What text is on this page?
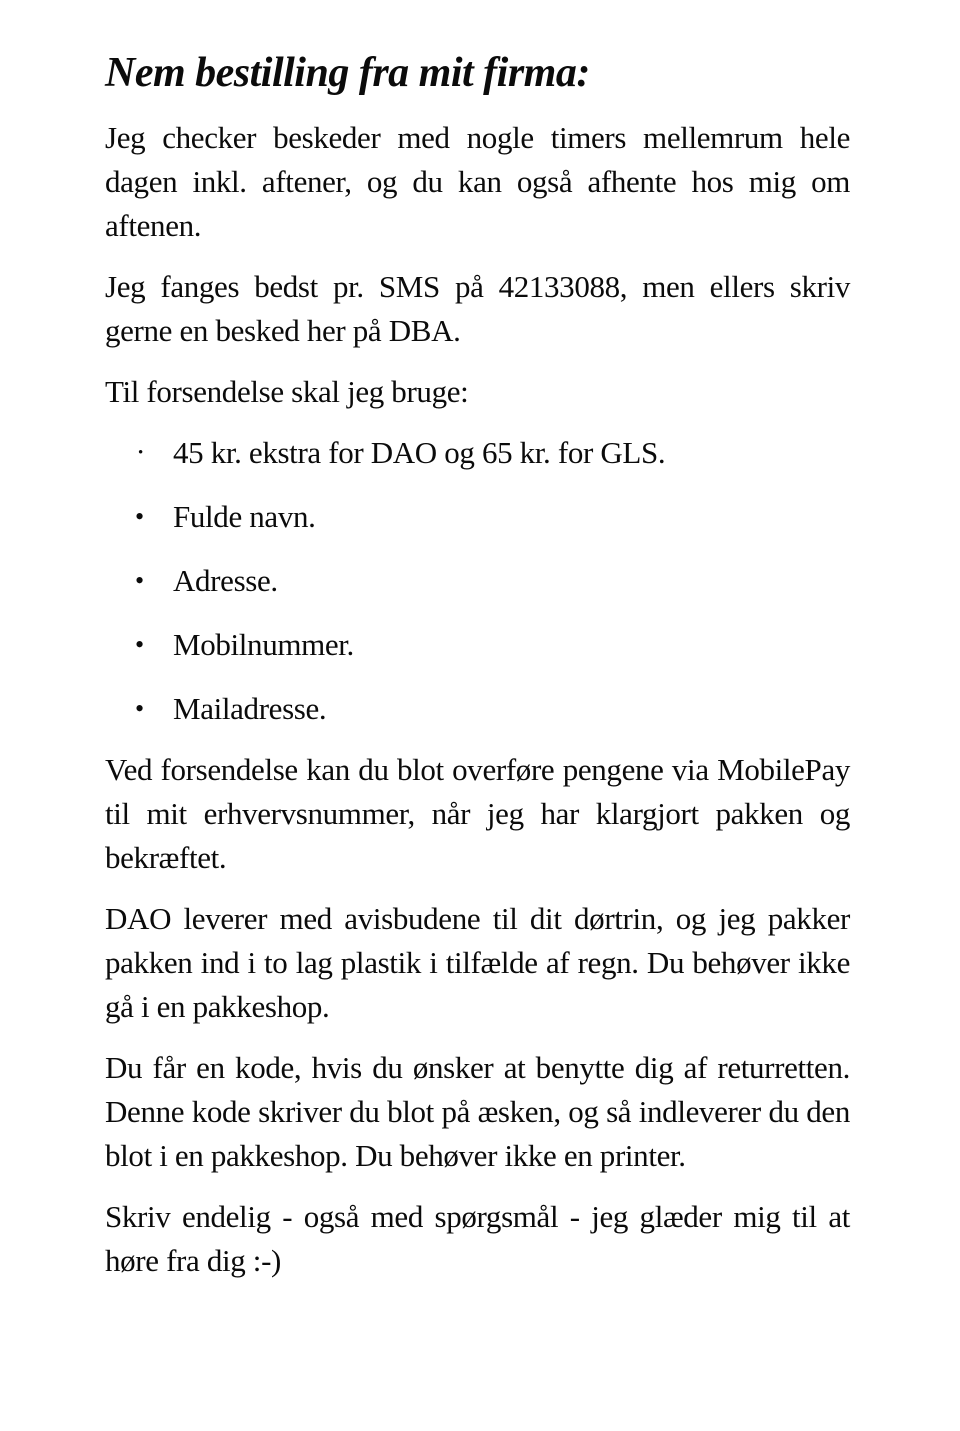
Nem bestilling fra mit firma:

Jeg checker beskeder med nogle timers mellemrum hele dagen inkl. aftener, og du kan også afhente hos mig om aftenen.

Jeg fanges bedst pr. SMS på 42133088, men ellers skriv gerne en besked her på DBA.

Til forsendelse skal jeg bruge:

• 45 kr. ekstra for DAO og 65 kr. for GLS.
• Fulde navn.
• Adresse.
• Mobilnummer.
• Mailadresse.

Ved forsendelse kan du blot overføre pengene via MobilePay til mit erhvervsnummer, når jeg har klargjort pakken og bekræftet.

DAO leverer med avisbudene til dit dørtrin, og jeg pakker pakken ind i to lag plastik i tilfælde af regn. Du behøver ikke gå i en pakkeshop.

Du får en kode, hvis du ønsker at benytte dig af returretten. Denne kode skriver du blot på æsken, og så indleverer du den blot i en pakkeshop. Du behøver ikke en printer.

Skriv endelig - også med spørgsmål - jeg glæder mig til at høre fra dig :-)
